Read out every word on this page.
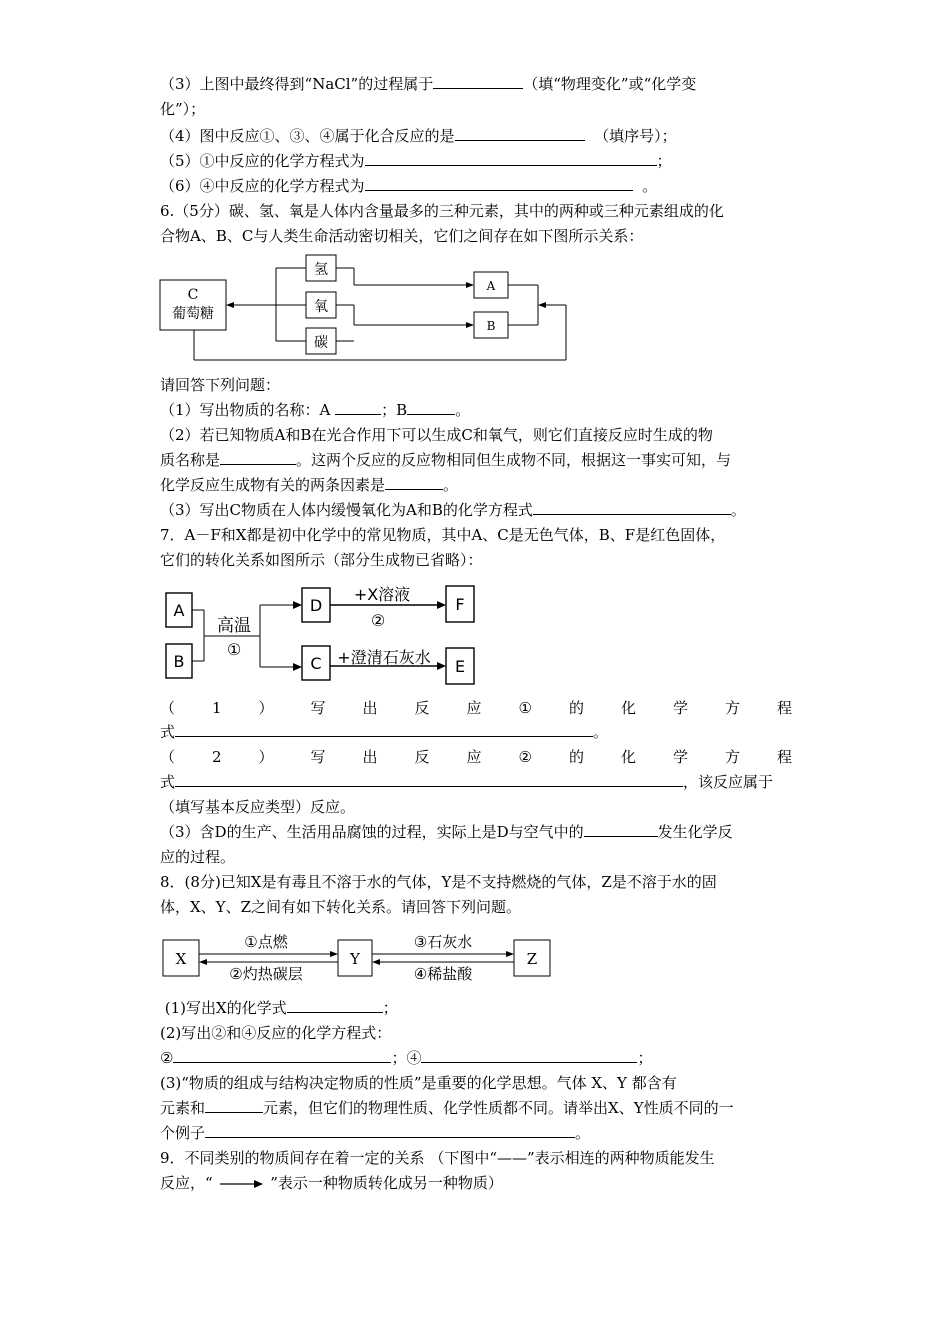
（3）上图中最终得到“NaCl”的过程属于	（填“物理变化”或“化学变
化”）；
（4）图中反应①、③、④属于化合反应的是	（填序号）；
（5）①中反应的化学方程式为	；
（6）④中反应的化学方程式为	。
6.（5分）碳、氢、氧是人体内含量最多的三种元素，其中的两种或三种元素组成的化
合物A、B、C与人类生命活动密切相关，它们之间存在如下图所示关系：
C
葡萄糖
氢
氧
碳
A
B
请回答下列问题：
（1）写出物质的名称：A	；B	。
（2）若已知物质A和B在光合作用下可以生成C和氧气，则它们直接反应时生成的物
质名称是	。这两个反应的反应物相同但生成物不同，根据这一事实可知，与
化学反应生成物有关的两条因素是	。
（3）写出C物质在人体内缓慢氧化为A和B的化学方程式	。
7．A－F和X都是初中化学中的常见物质，其中A、C是无色气体，B、F是红色固体，
它们的转化关系如图所示（部分生成物已省略）：
A
B
高温
①
D
C
+X溶液
②
F
+澄清石灰水 E
（ 1 ） 写 出 反 应 ① 的 化 学 方 程
式	。
（ 2 ） 写 出 反 应 ② 的 化 学 方 程
式	，该反应属于
（填写基本反应类型）反应。
（3）含D的生产、生活用品腐蚀的过程，实际上是D与空气中的	发生化学反
应的过程。
8．(8分)已知X是有毒且不溶于水的气体，Y是不支持燃烧的气体，Z是不溶于水的固
体，X、Y、Z之间有如下转化关系。请回答下列问题。
X	Y	Z
①点燃
②灼热碳层
③石灰水
④稀盐酸
(1)写出X的化学式	；
(2)写出②和④反应的化学方程式：
②	；④	；
(3)“物质的组成与结构决定物质的性质”是重要的化学思想。气体 X、Y 都含有
元素和	元素，但它们的物理性质、化学性质都不同。请举出X、Y性质不同的一
个例子	。
9．不同类别的物质间存在着一定的关系 （下图中“——”表示相连的两种物质能发生
反应，“	”表示一种物质转化成另一种物质）
